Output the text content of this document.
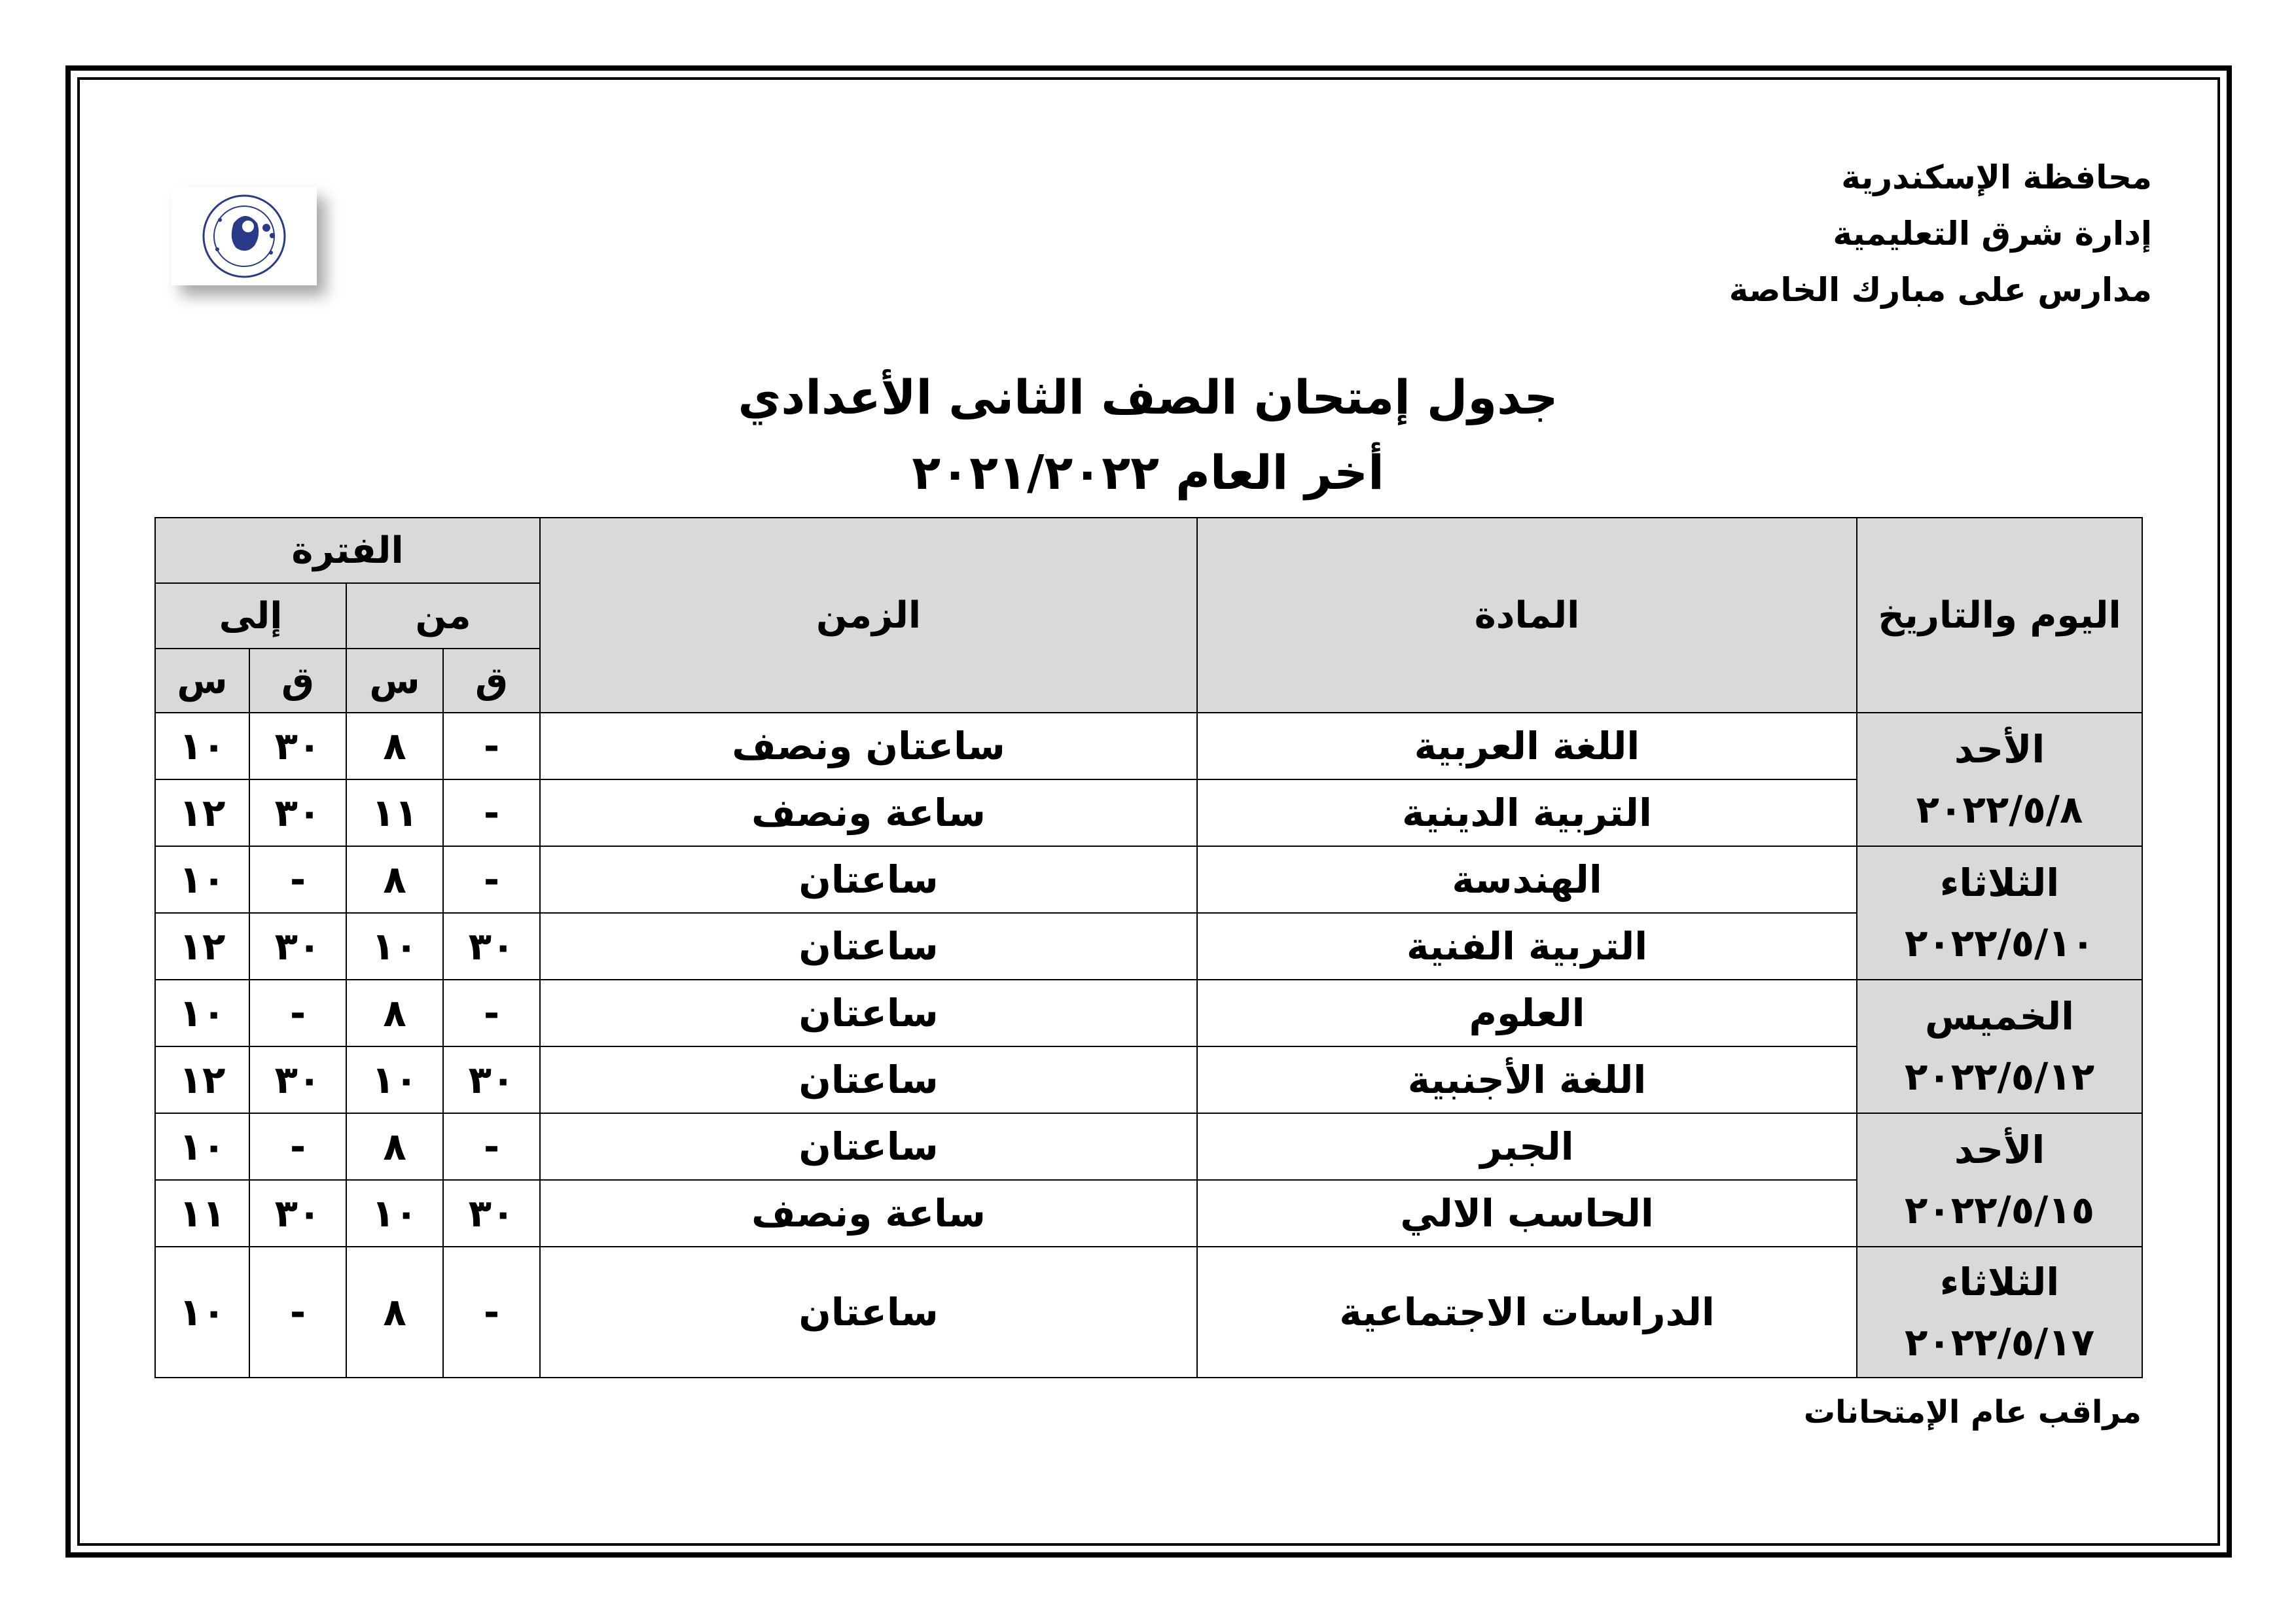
محافظة الإسكندرية
إدارة شرق التعليمية
مدارس على مبارك الخاصة
جدول إمتحان الصف الثانى الأعدادي
أخر العام ٢٠٢١/٢٠٢٢
اليوم والتاريخ	المادة	الزمن	الفترة			
			من		إلى	
			ق	س	ق	س

الأحد
٢٠٢٢/٥/٨	اللغة العربية	ساعتان ونصف	-	٨	٣٠	١٠
	التربية الدينية	ساعة ونصف	-	١١	٣٠	١٢

الثلاثاء
٢٠٢٢/٥/١٠	الهندسة	ساعتان	-	٨	-	١٠
	التربية الفنية	ساعتان	٣٠	١٠	٣٠	١٢

الخميس
٢٠٢٢/٥/١٢	العلوم	ساعتان	-	٨	-	١٠
	اللغة الأجنبية	ساعتان	٣٠	١٠	٣٠	١٢

الأحد
٢٠٢٢/٥/١٥	الجبر	ساعتان	-	٨	-	١٠
	الحاسب الالي	ساعة ونصف	٣٠	١٠	٣٠	١١

الثلاثاء
٢٠٢٢/٥/١٧	الدراسات الاجتماعية	ساعتان	-	٨	-	١٠
مراقب عام الإمتحانات
